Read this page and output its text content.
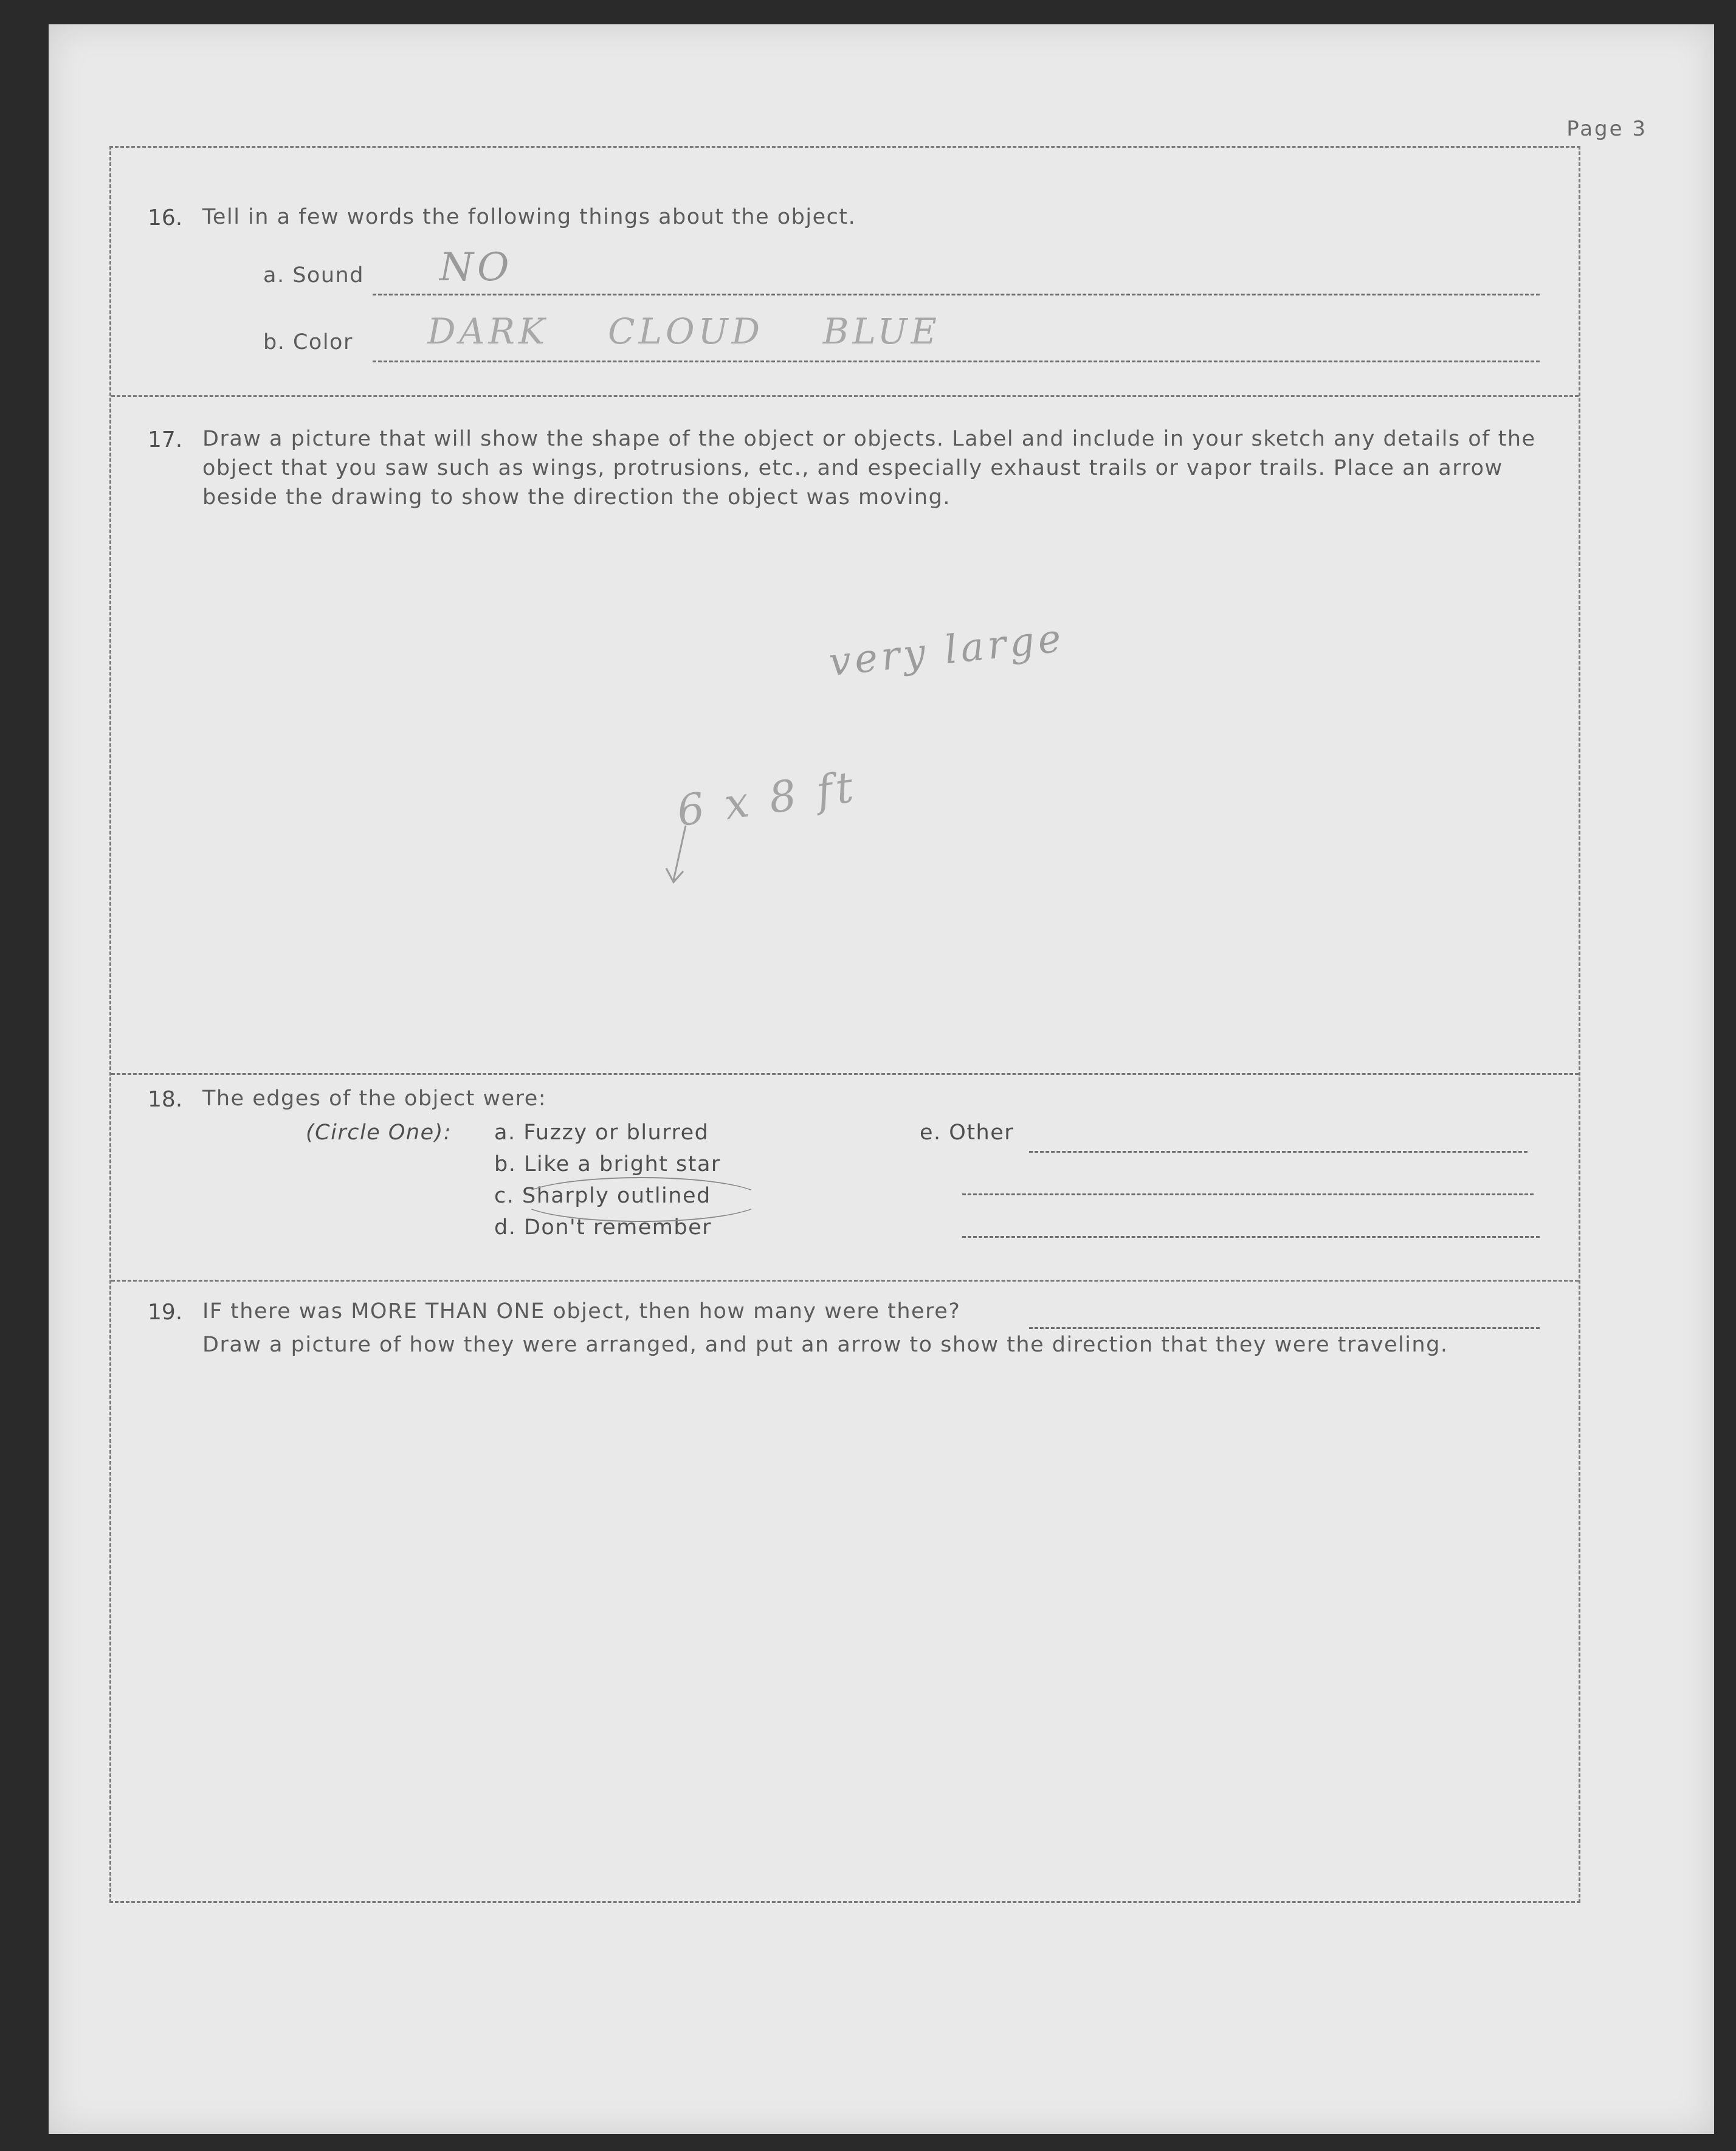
Page 3
16. Tell in a few words the following things about the object.
a. Sound NO
b. Color DARK    CLOUD    BLUE
17. Draw a picture that will show the shape of the object or objects. Label and include in your sketch any details of the object that you saw such as wings, protrusions, etc., and especially exhaust trails or vapor trails. Place an arrow beside the drawing to show the direction the object was moving.
very large
6 x 8 ft
18. The edges of the object were:
(Circle One): a. Fuzzy or blurred
b. Like a bright star
c. Sharply outlined
d. Don't remember
e. Other
19. IF there was MORE THAN ONE object, then how many were there?
Draw a picture of how they were arranged, and put an arrow to show the direction that they were traveling.
